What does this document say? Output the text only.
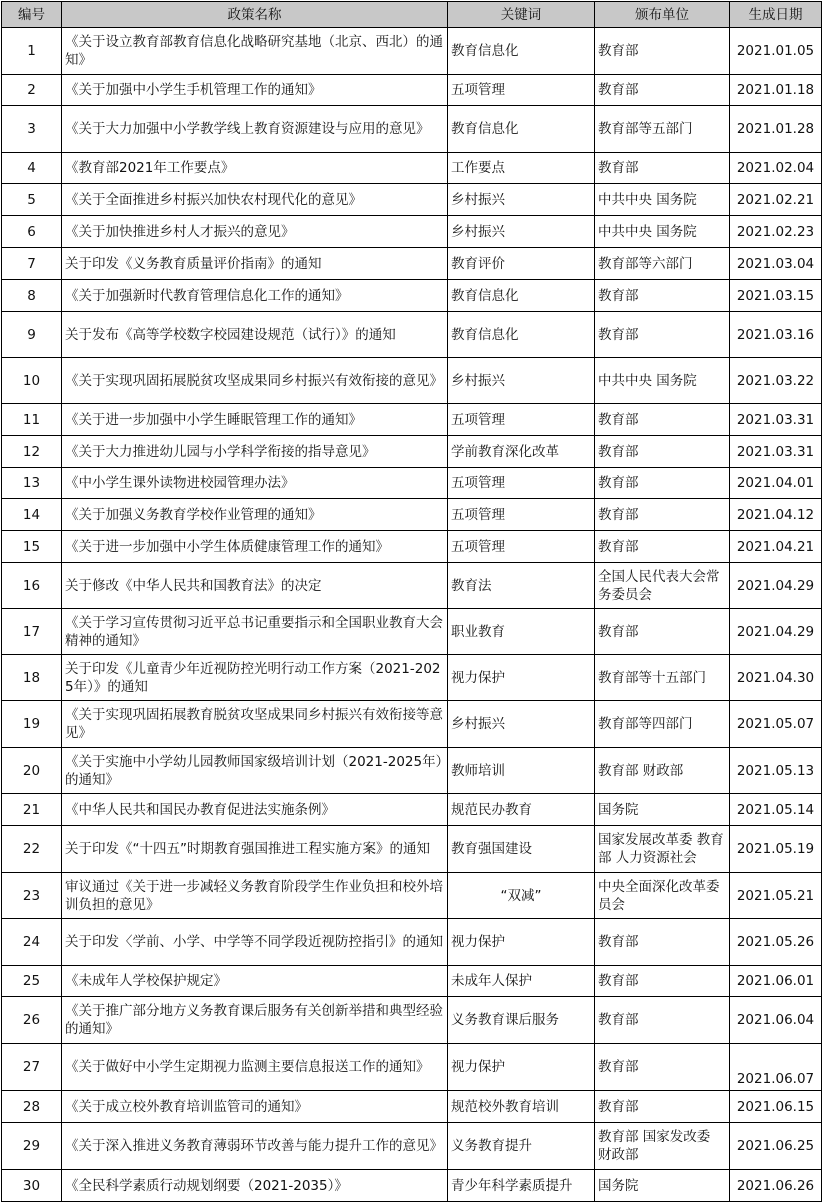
编号	政策名称	关键词	颁布单位	生成日期
1	《关于设立教育部教育信息化战略研究基地（北京、西北）的通知》	教育信息化	教育部	2021.01.05
2	《关于加强中小学生手机管理工作的通知》	五项管理	教育部	2021.01.18
3	《关于大力加强中小学教学线上教育资源建设与应用的意见》	教育信息化	教育部等五部门	2021.01.28
4	《教育部2021年工作要点》	工作要点	教育部	2021.02.04
5	《关于全面推进乡村振兴加快农村现代化的意见》	乡村振兴	中共中央 国务院	2021.02.21
6	《关于加快推进乡村人才振兴的意见》	乡村振兴	中共中央 国务院	2021.02.23
7	关于印发《义务教育质量评价指南》的通知	教育评价	教育部等六部门	2021.03.04
8	《关于加强新时代教育管理信息化工作的通知》	教育信息化	教育部	2021.03.15
9	关于发布《高等学校数字校园建设规范（试行）》的通知	教育信息化	教育部	2021.03.16
10	《关于实现巩固拓展脱贫攻坚成果同乡村振兴有效衔接的意见》	乡村振兴	中共中央 国务院	2021.03.22
11	《关于进一步加强中小学生睡眠管理工作的通知》	五项管理	教育部	2021.03.31
12	《关于大力推进幼儿园与小学科学衔接的指导意见》	学前教育深化改革	教育部	2021.03.31
13	《中小学生课外读物进校园管理办法》	五项管理	教育部	2021.04.01
14	《关于加强义务教育学校作业管理的通知》	五项管理	教育部	2021.04.12
15	《关于进一步加强中小学生体质健康管理工作的通知》	五项管理	教育部	2021.04.21
16	关于修改《中华人民共和国教育法》的决定	教育法	全国人民代表大会常务委员会	2021.04.29
17	《关于学习宣传贯彻习近平总书记重要指示和全国职业教育大会精神的通知》	职业教育	教育部	2021.04.29
18	关于印发《儿童青少年近视防控光明行动工作方案（2021-2025年）》的通知	视力保护	教育部等十五部门	2021.04.30
19	《关于实现巩固拓展教育脱贫攻坚成果同乡村振兴有效衔接等意见》	乡村振兴	教育部等四部门	2021.05.07
20	《关于实施中小学幼儿园教师国家级培训计划（2021-2025年）的通知》	教师培训	教育部 财政部	2021.05.13
21	《中华人民共和国民办教育促进法实施条例》	规范民办教育	国务院	2021.05.14
22	关于印发《“十四五”时期教育强国推进工程实施方案》的通知	教育强国建设	国家发展改革委 教育部 人力资源社会	2021.05.19
23	审议通过《关于进一步减轻义务教育阶段学生作业负担和校外培训负担的意见》	“双减”	中央全面深化改革委员会	2021.05.21
24	关于印发〈学前、小学、中学等不同学段近视防控指引》的通知	视力保护	教育部	2021.05.26
25	《未成年人学校保护规定》	未成年人保护	教育部	2021.06.01
26	《关于推广部分地方义务教育课后服务有关创新举措和典型经验的通知》	义务教育课后服务	教育部	2021.06.04
27	《关于做好中小学生定期视力监测主要信息报送工作的通知》	视力保护	教育部	2021.06.07
28	《关于成立校外教育培训监管司的通知》	规范校外教育培训	教育部	2021.06.15
29	《关于深入推进义务教育薄弱环节改善与能力提升工作的意见》	义务教育提升	教育部 国家发改委 财政部	2021.06.25
30	《全民科学素质行动规划纲要（2021-2035）》	青少年科学素质提升	国务院	2021.06.26
